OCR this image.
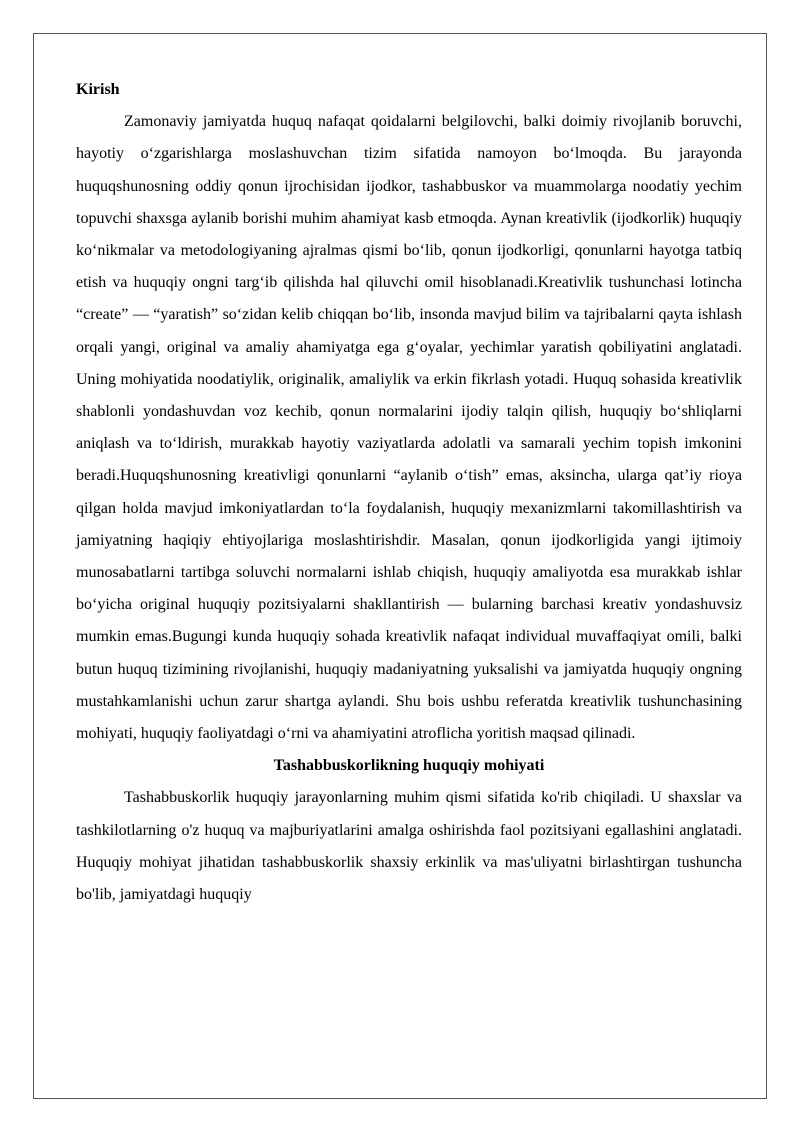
Kirish

Zamonaviy jamiyatda huquq nafaqat qoidalarni belgilovchi, balki doimiy rivojlanib boruvchi, hayotiy oʻzgarishlarga moslashuvchan tizim sifatida namoyon boʻlmoqda. Bu jarayonda huquqshunosning oddiy qonun ijrochisidan ijodkor, tashabbuskor va muammolarga noodatiy yechim topuvchi shaxsga aylanib borishi muhim ahamiyat kasb etmoqda. Aynan kreativlik (ijodkorlik) huquqiy koʻnikmalar va metodologiyaning ajralmas qismi boʻlib, qonun ijodkorligi, qonunlarni hayotga tatbiq etish va huquqiy ongni targʻib qilishda hal qiluvchi omil hisoblanadi.Kreativlik tushunchasi lotincha “create” — “yaratish” soʻzidan kelib chiqqan boʻlib, insonda mavjud bilim va tajribalarni qayta ishlash orqali yangi, original va amaliy ahamiyatga ega gʻoyalar, yechimlar yaratish qobiliyatini anglatadi. Uning mohiyatida noodatiylik, originalik, amaliylik va erkin fikrlash yotadi. Huquq sohasida kreativlik shablonli yondashuvdan voz kechib, qonun normalarini ijodiy talqin qilish, huquqiy boʻshliqlarni aniqlash va toʻldirish, murakkab hayotiy vaziyatlarda adolatli va samarali yechim topish imkonini beradi.Huquqshunosning kreativligi qonunlarni “aylanib oʻtish” emas, aksincha, ularga qat’iy rioya qilgan holda mavjud imkoniyatlardan toʻla foydalanish, huquqiy mexanizmlarni takomillashtirish va jamiyatning haqiqiy ehtiyojlariga moslashtirishdir. Masalan, qonun ijodkorligida yangi ijtimoiy munosabatlarni tartibga soluvchi normalarni ishlab chiqish, huquqiy amaliyotda esa murakkab ishlar boʻyicha original huquqiy pozitsiyalarni shakllantirish — bularning barchasi kreativ yondashuvsiz mumkin emas.Bugungi kunda huquqiy sohada kreativlik nafaqat individual muvaffaqiyat omili, balki butun huquq tizimining rivojlanishi, huquqiy madaniyatning yuksalishi va jamiyatda huquqiy ongning mustahkamlanishi uchun zarur shartga aylandi. Shu bois ushbu referatda kreativlik tushunchasining mohiyati, huquqiy faoliyatdagi oʻrni va ahamiyatini atroflicha yoritish maqsad qilinadi.

Tashabbuskorlikning huquqiy mohiyati

Tashabbuskorlik huquqiy jarayonlarning muhim qismi sifatida ko'rib chiqiladi. U shaxslar va tashkilotlarning o'z huquq va majburiyatlarini amalga oshirishda faol pozitsiyani egallashini anglatadi. Huquqiy mohiyat jihatidan tashabbuskorlik shaxsiy erkinlik va mas'uliyatni birlashtirgan tushuncha bo'lib, jamiyatdagi huquqiy
